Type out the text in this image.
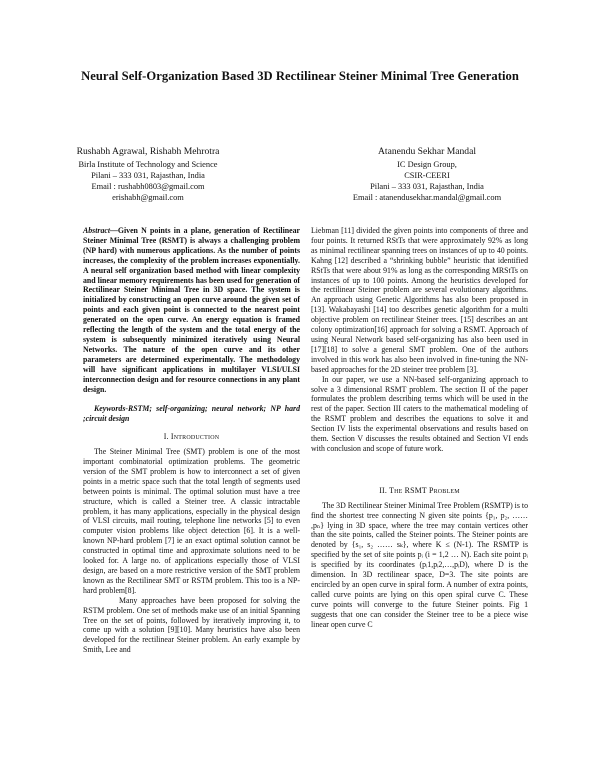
Neural Self-Organization Based 3D Rectilinear Steiner Minimal Tree Generation
Rushabh Agrawal, Rishabh Mehrotra
Birla Institute of Technology and Science
Pilani – 333 031, Rajasthan, India
Email : rushabh0803@gmail.com
erishabh@gmail.com
Atanendu Sekhar Mandal
IC Design Group,
CSIR-CEERI
Pilani – 333 031, Rajasthan, India
Email : atanendusekhar.mandal@gmail.com

Abstract—Given N points in a plane, generation of Rectilinear Steiner Minimal Tree (RSMT) is always a challenging problem (NP hard) with numerous applications. As the number of points increases, the complexity of the problem increases exponentially. A neural self organization based method with linear complexity and linear memory requirements has been used for generation of Rectilinear Steiner Minimal Tree in 3D space. The system is initialized by constructing an open curve around the given set of points and each given point is connected to the nearest point generated on the open curve. An energy equation is framed reflecting the length of the system and the total energy of the system is subsequently minimized iteratively using Neural Networks. The nature of the open curve and its other parameters are determined experimentally. The methodology will have significant applications in multilayer VLSI/ULSI interconnection design and for resource connections in any plant design.

Keywords-RSTM; self-organizing; neural network; NP hard ;circuit design

I. Introduction

The Steiner Minimal Tree (SMT) problem is one of the most important combinatorial optimization problems. The geometric version of the SMT problem is how to interconnect a set of given points in a metric space such that the total length of segments used between points is minimal. The optimal solution must have a tree structure, which is called a Steiner tree. A classic intractable problem, it has many applications, especially in the physical design of VLSI circuits, mail routing, telephone line networks [5] to even computer vision problems like object detection [6]. It is a well-known NP-hard problem [7] ie an exact optimal solution cannot be constructed in optimal time and approximate solutions need to be looked for. A large no. of applications especially those of VLSI design, are based on a more restrictive version of the SMT problem known as the Rectilinear SMT or RSTM problem. This too is a NP-hard problem[8].

Many approaches have been proposed for solving the RSTM problem. One set of methods make use of an initial Spanning Tree on the set of points, followed by iteratively improving it, to come up with a solution [9][10]. Many heuristics have also been developed for the rectilinear Steiner problem. An early example by Smith, Lee and

Liebman [11] divided the given points into components of three and four points. It returned RStTs that were approximately 92% as long as minimal rectilinear spanning trees on instances of up to 40 points. Kahng [12] described a “shrinking bubble” heuristic that identified RStTs that were about 91% as long as the corresponding MRStTs on instances of up to 100 points. Among the heuristics developed for the rectilinear Steiner problem are several evolutionary algorithms. An approach using Genetic Algorithms has also been proposed in [13]. Wakabayashi [14] too describes genetic algorithm for a multi objective problem on rectilinear Steiner trees. [15] describes an ant colony optimization[16] approach for solving a RSMT. Approach of using Neural Network based self-organizing has also been used in [17][18] to solve a general SMT problem. One of the authors involved in this work has also been involved in fine-tuning the NN-based approaches for the 2D steiner tree problem [3].

In our paper, we use a NN-based self-organizing approach to solve a 3 dimensional RSMT problem. The section II of the paper formulates the problem describing terms which will be used in the rest of the paper. Section III caters to the mathematical modeling of the RSMT problem and describes the equations to solve it and Section IV lists the experimental observations and results based on them. Section V discusses the results obtained and Section VI ends with conclusion and scope of future work.

II. The RSMT Problem

The 3D Rectilinear Steiner Minimal Tree Problem (RSMTP) is to find the shortest tree connecting N given site points {p₁, p₂, …… ,pₙ} lying in 3D space, where the tree may contain vertices other than the site points, called the Steiner points. The Steiner points are denoted by {s₁, s₂ …… sₖ}, where K ≤ (N-1). The RSMTP is specified by the set of site points pᵢ (i = 1,2 … N). Each site point pᵢ is specified by its coordinates (pᵢ1,pᵢ2,…,pᵢD), where D is the dimension. In 3D rectilinear space, D=3. The site points are encircled by an open curve in spiral form. A number of extra points, called curve points are lying on this open spiral curve C. These curve points will converge to the future Steiner points. Fig 1 suggests that one can consider the Steiner tree to be a piece wise linear open curve C
